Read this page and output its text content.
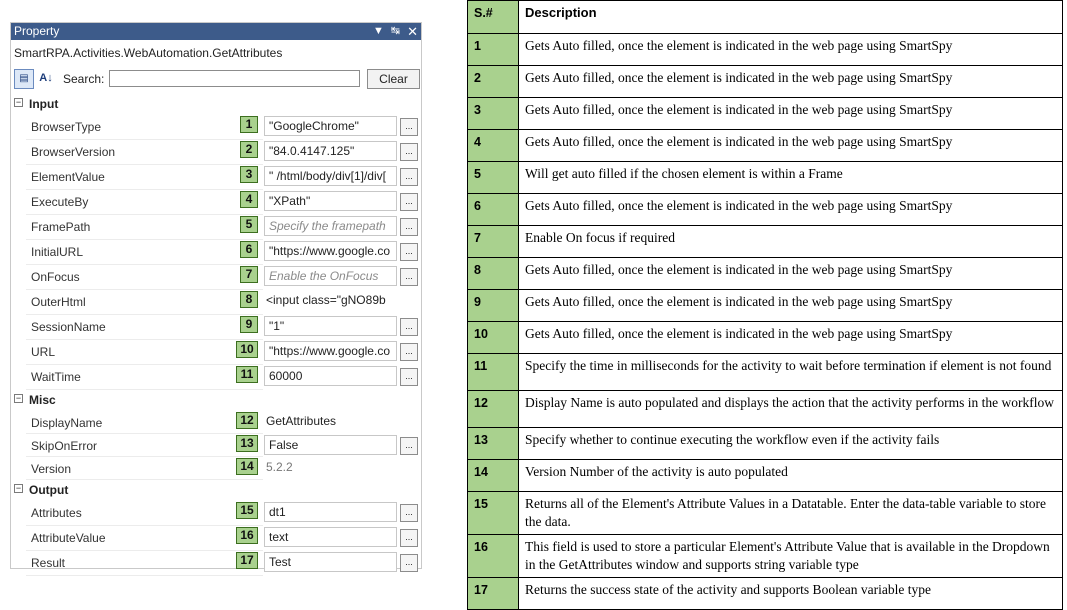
Property	▼ ↹ ✕
SmartRPA.Activities.WebAutomation.GetAttributes
▤ A↓ Search:	Clear
− Input
BrowserType	1	"GoogleChrome"	...
BrowserVersion	2	"84.0.4147.125"	...
ElementValue	3	" /html/body/div[1]/div[	...
ExecuteBy	4	"XPath"	...
FramePath	5	Specify the framepath	...
InitialURL	6	"https://www.google.co	...
OnFocus	7	Enable the OnFocus	...
OuterHtml	8	<input class="gNO89b
SessionName	9	"1"	...
URL	10	"https://www.google.co	...
WaitTime	11	60000	...
− Misc
DisplayName	12	GetAttributes
SkipOnError	13	False	...
Version	14	5.2.2
− Output
Attributes	15	dt1	...
AttributeValue	16	text	...
Result	17	Test	...
S.#	Description
1	Gets Auto filled, once the element is indicated in the web page using SmartSpy
2	Gets Auto filled, once the element is indicated in the web page using SmartSpy
3	Gets Auto filled, once the element is indicated in the web page using SmartSpy
4	Gets Auto filled, once the element is indicated in the web page using SmartSpy
5	Will get auto filled if the chosen element is within a Frame
6	Gets Auto filled, once the element is indicated in the web page using SmartSpy
7	Enable On focus if required
8	Gets Auto filled, once the element is indicated in the web page using SmartSpy
9	Gets Auto filled, once the element is indicated in the web page using SmartSpy
10	Gets Auto filled, once the element is indicated in the web page using SmartSpy
11	Specify the time in milliseconds for the activity to wait before termination if element is not found
12	Display Name is auto populated and displays the action that the activity performs in the workflow
13	Specify whether to continue executing the workflow even if the activity fails
14	Version Number of the activity is auto populated
15	Returns all of the Element's Attribute Values in a Datatable. Enter the data-table variable to store the data.
16	This field is used to store a particular Element's Attribute Value that is available in the Dropdown in the GetAttributes window and supports string variable type
17	Returns the success state of the activity and supports Boolean variable type
